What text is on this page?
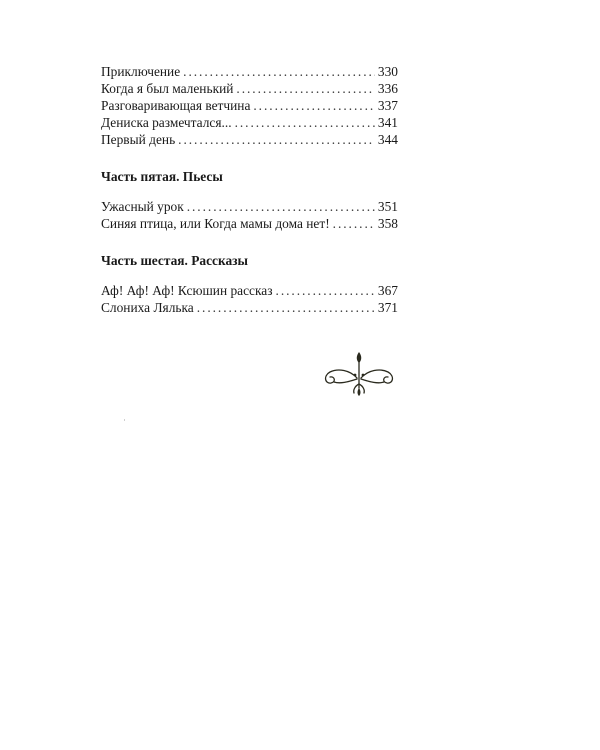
Приключение . . .	330
Когда я был маленький . . .	336
Разговаривающая ветчина . . .	337
Дениска размечтался... . . .	341
Первый день . . .	344
Часть пятая. Пьесы
Ужасный урок . . .	351
Синяя птица, или Когда мамы дома нет! . . .	358
Часть шестая. Рассказы
Аф! Аф! Аф! Ксюшин рассказ . . .	367
Слониха Лялька . . .	371
